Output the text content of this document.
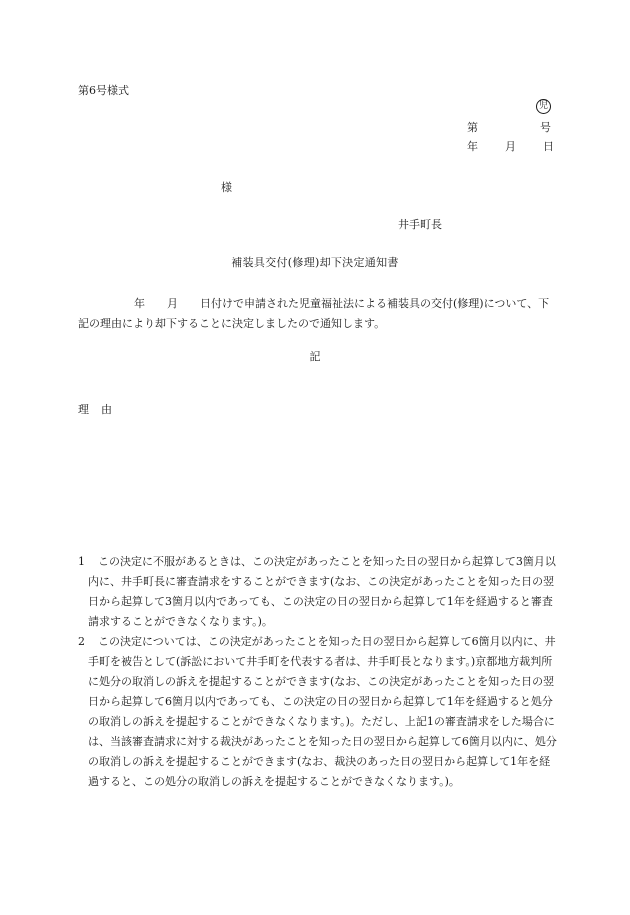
第6号様式
児
第	号
年 月 日
様
井手町長
補装具交付(修理)却下決定通知書
年 月 日付けで申請された児童福祉法による補装具の交付(修理)について、下記の理由により却下することに決定しましたので通知します。
記
理由
1	この決定に不服があるときは、この決定があったことを知った日の翌日から起算して3箇月以内に、井手町長に審査請求をすることができます(なお、この決定があったことを知った日の翌日から起算して3箇月以内であっても、この決定の日の翌日から起算して1年を経過すると審査請求することができなくなります。)。
2	この決定については、この決定があったことを知った日の翌日から起算して6箇月以内に、井手町を被告として(訴訟において井手町を代表する者は、井手町長となります。)京都地方裁判所に処分の取消しの訴えを提起することができます(なお、この決定があったことを知った日の翌日から起算して6箇月以内であっても、この決定の日の翌日から起算して1年を経過すると処分の取消しの訴えを提起することができなくなります。)。ただし、上記1の審査請求をした場合には、当該審査請求に対する裁決があったことを知った日の翌日から起算して6箇月以内に、処分の取消しの訴えを提起することができます(なお、裁決のあった日の翌日から起算して1年を経過すると、この処分の取消しの訴えを提起することができなくなります。)。
